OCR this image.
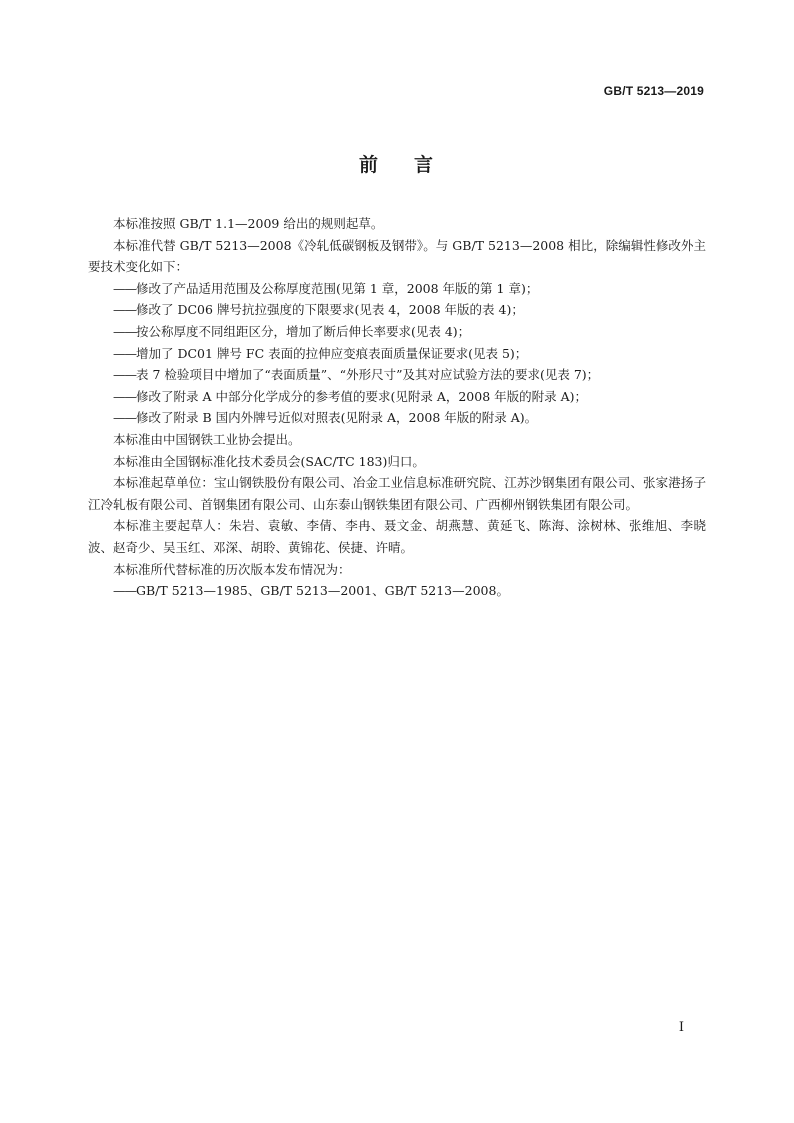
GB/T 5213—2019
前 言

本标准按照 GB/T 1.1—2009 给出的规则起草。

本标准代替 GB/T 5213—2008《冷轧低碳钢板及钢带》。与 GB/T 5213—2008 相比，除编辑性修改外主要技术变化如下：

——修改了产品适用范围及公称厚度范围(见第 1 章，2008 年版的第 1 章)；

——修改了 DC06 牌号抗拉强度的下限要求(见表 4，2008 年版的表 4)；

——按公称厚度不同组距区分，增加了断后伸长率要求(见表 4)；

——增加了 DC01 牌号 FC 表面的拉伸应变痕表面质量保证要求(见表 5)；

——表 7 检验项目中增加了“表面质量”、“外形尺寸”及其对应试验方法的要求(见表 7)；

——修改了附录 A 中部分化学成分的参考值的要求(见附录 A，2008 年版的附录 A)；

——修改了附录 B 国内外牌号近似对照表(见附录 A，2008 年版的附录 A)。

本标准由中国钢铁工业协会提出。

本标准由全国钢标准化技术委员会(SAC/TC 183)归口。

本标准起草单位：宝山钢铁股份有限公司、冶金工业信息标准研究院、江苏沙钢集团有限公司、张家港扬子江冷轧板有限公司、首钢集团有限公司、山东泰山钢铁集团有限公司、广西柳州钢铁集团有限公司。

本标准主要起草人：朱岩、袁敏、李倩、李冉、聂文金、胡燕慧、黄延飞、陈海、涂树林、张维旭、李晓波、赵奇少、吴玉红、邓深、胡聆、黄锦花、侯捷、许晴。

本标准所代替标准的历次版本发布情况为：

——GB/T 5213—1985、GB/T 5213—2001、GB/T 5213—2008。

I
